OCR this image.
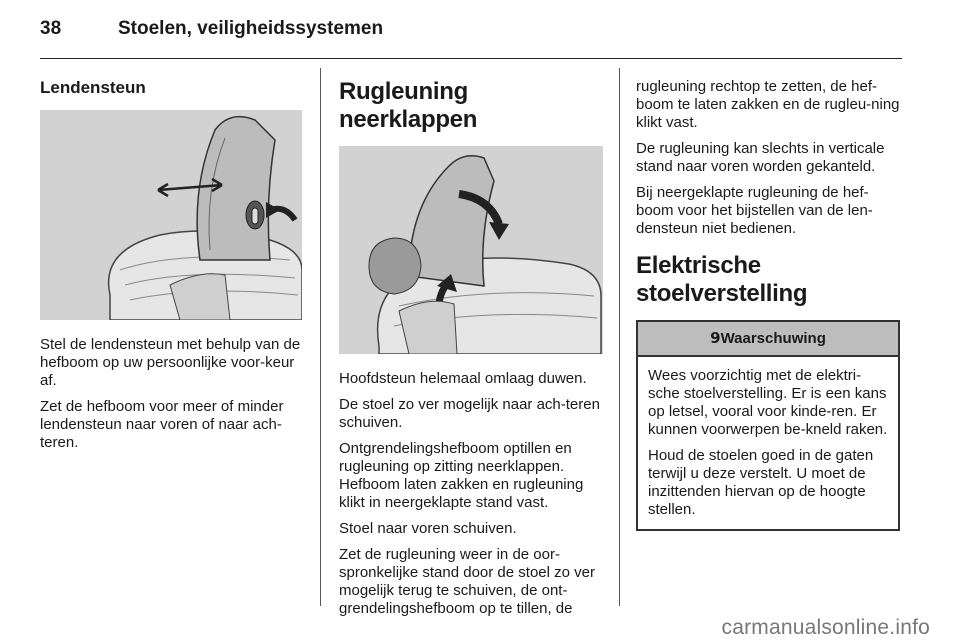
38	Stoelen, veiligheidssystemen
Lendensteun

Stel de lendensteun met behulp van de hefboom op uw persoonlijke voor-keur af.

Zet de hefboom voor meer of minder lendensteun naar voren of naar ach-teren.

Rugleuning neerklappen

Hoofdsteun helemaal omlaag duwen.

De stoel zo ver mogelijk naar ach-teren schuiven.

Ontgrendelingshefboom optillen en rugleuning op zitting neerklappen. Hefboom laten zakken en rugleuning klikt in neergeklapte stand vast.

Stoel naar voren schuiven.

Zet de rugleuning weer in de oor-spronkelijke stand door de stoel zo ver mogelijk terug te schuiven, de ont-grendelingshefboom op te tillen, de

rugleuning rechtop te zetten, de hef-boom te laten zakken en de rugleu-ning klikt vast.

De rugleuning kan slechts in verticale stand naar voren worden gekanteld.

Bij neergeklapte rugleuning de hef-boom voor het bijstellen van de len-densteun niet bedienen.

Elektrische stoelverstelling
9Waarschuwing

Wees voorzichtig met de elektri-sche stoelverstelling. Er is een kans op letsel, vooral voor kinde-ren. Er kunnen voorwerpen be-kneld raken.

Houd de stoelen goed in de gaten terwijl u deze verstelt. U moet de inzittenden hiervan op de hoogte stellen.

carmanualsonline.info
